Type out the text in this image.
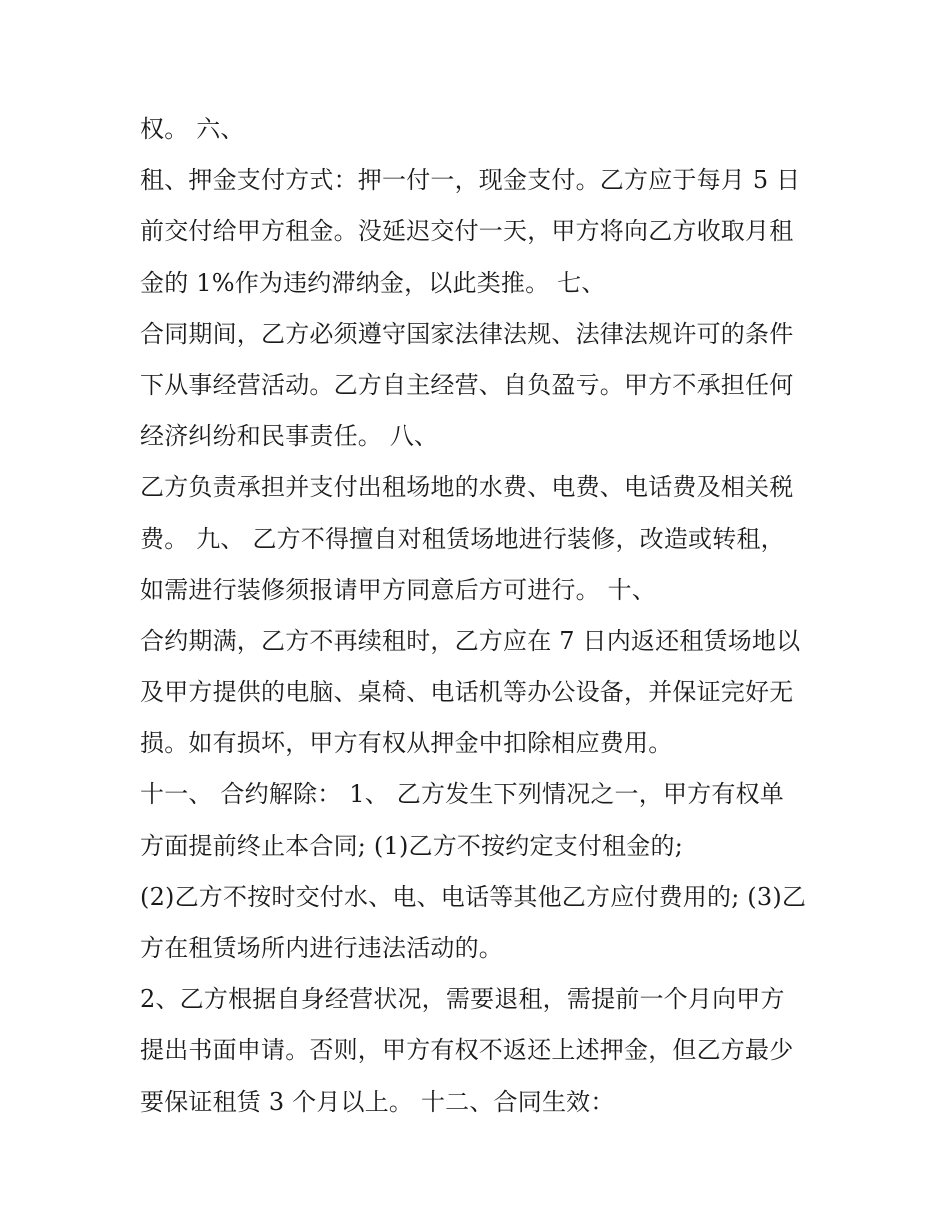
权。 六、
租、押金支付方式：押一付一，现金支付。乙方应于每月 5 日
前交付给甲方租金。没延迟交付一天，甲方将向乙方收取月租
金的 1%作为违约滞纳金，以此类推。 七、
合同期间，乙方必须遵守国家法律法规、法律法规许可的条件
下从事经营活动。乙方自主经营、自负盈亏。甲方不承担任何
经济纠纷和民事责任。 八、
乙方负责承担并支付出租场地的水费、电费、电话费及相关税
费。 九、 乙方不得擅自对租赁场地进行装修，改造或转租，
如需进行装修须报请甲方同意后方可进行。 十、
合约期满，乙方不再续租时，乙方应在 7 日内返还租赁场地以
及甲方提供的电脑、桌椅、电话机等办公设备，并保证完好无
损。如有损坏，甲方有权从押金中扣除相应费用。
十一、 合约解除： 1、 乙方发生下列情况之一，甲方有权单
方面提前终止本合同; (1)乙方不按约定支付租金的;
(2)乙方不按时交付水、电、电话等其他乙方应付费用的; (3)乙
方在租赁场所内进行违法活动的。
2、乙方根据自身经营状况，需要退租，需提前一个月向甲方
提出书面申请。否则，甲方有权不返还上述押金，但乙方最少
要保证租赁 3 个月以上。 十二、合同生效：
